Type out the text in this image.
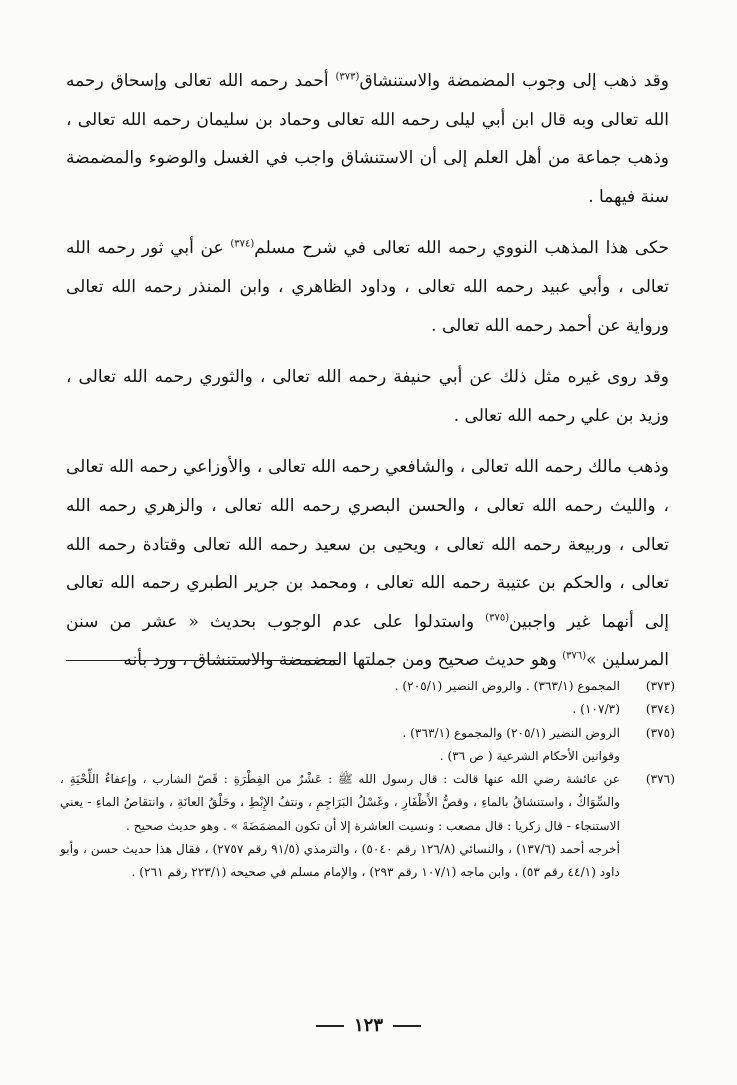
وقد ذهب إلى وجوب المضمضة والاستنشاق$^{(٣٧٣)}$ أحمد رحمه الله تعالى وإسحاق رحمه الله تعالى وبه قال ابن أبي ليلى رحمه الله تعالى وحماد بن سليمان رحمه الله تعالى ، وذهب جماعة من أهل العلم إلى أن الاستنشاق واجب في الغسل والوضوء والمضمضة سنة فيهما .

حكى هذا المذهب النووي رحمه الله تعالى في شرح مسلم$^{(٣٧٤)}$ عن أبي ثور رحمه الله تعالى ، وأبي عبيد رحمه الله تعالى ، وداود الظاهري ، وابن المنذر رحمه الله تعالى ورواية عن أحمد رحمه الله تعالى .

وقد روى غيره مثل ذلك عن أبي حنيفة رحمه الله تعالى ، والثوري رحمه الله تعالى ، وزيد بن علي رحمه الله تعالى .

وذهب مالك رحمه الله تعالى ، والشافعي رحمه الله تعالى ، والأوزاعي رحمه الله تعالى ، والليث رحمه الله تعالى ، والحسن البصري رحمه الله تعالى ، والزهري رحمه الله تعالى ، وربيعة رحمه الله تعالى ، ويحيى بن سعيد رحمه الله تعالى وقتادة رحمه الله تعالى ، والحكم بن عتيبة رحمه الله تعالى ، ومحمد بن جرير الطبري رحمه الله تعالى إلى أنهما غير واجبين$^{(٣٧٥)}$ واستدلوا على عدم الوجوب بحديث « عشر من سنن المرسلين »$^{(٣٧٦)}$ وهو حديث صحيح ومن جملتها المضمضة والاستنشاق ، ورد بأنه

(٣٧٣)

المجموع (٣٦٣/١) . والروض النضير (٢٠٥/١) .

(٣٧٤)

(١٠٧/٣) .

(٣٧٥)

الروض النضير (٢٠٥/١) والمجموع (٣٦٣/١) .

وقوانين الأحكام الشرعية ( ص ٣٦) .

(٣٧٦)

عن عائشة رضي الله عنها قالت : قال رسول الله ﷺ : عَشْرٌ من الفِطْرَةِ : قَصّ الشارب ، وإعفاءُ اللِّحْيَةِ ، والسِّوَاكُ ، واستنشاقُ بالماءِ ، وقصُّ الأَظْفَارِ ، وغَسْلُ البَرَاجِمِ ، ونتفُ الإِبْطِ ، وحَلْقُ العانَةِ ، وانتقاصُ الماءِ - يعني الاستنجاء - قال زكريا : قال مصعب : ونسيت العاشرة إلا أن تكون المضمَضَةَ » . وهو حديث صحيح .

أخرجه أحمد (١٣٧/٦) ، والنسائي (١٢٦/٨ رقم ٥٠٤٠) ، والترمذي (٩١/٥ رقم ٢٧٥٧) ، فقال هذا حديث حسن ، وأبو داود (٤٤/١ رقم ٥٣) ، وابن ماجه (١٠٧/١ رقم ٢٩٣) ، والإمام مسلم في صحيحه (٢٢٣/١ رقم ٢٦١) .

١٢٣
